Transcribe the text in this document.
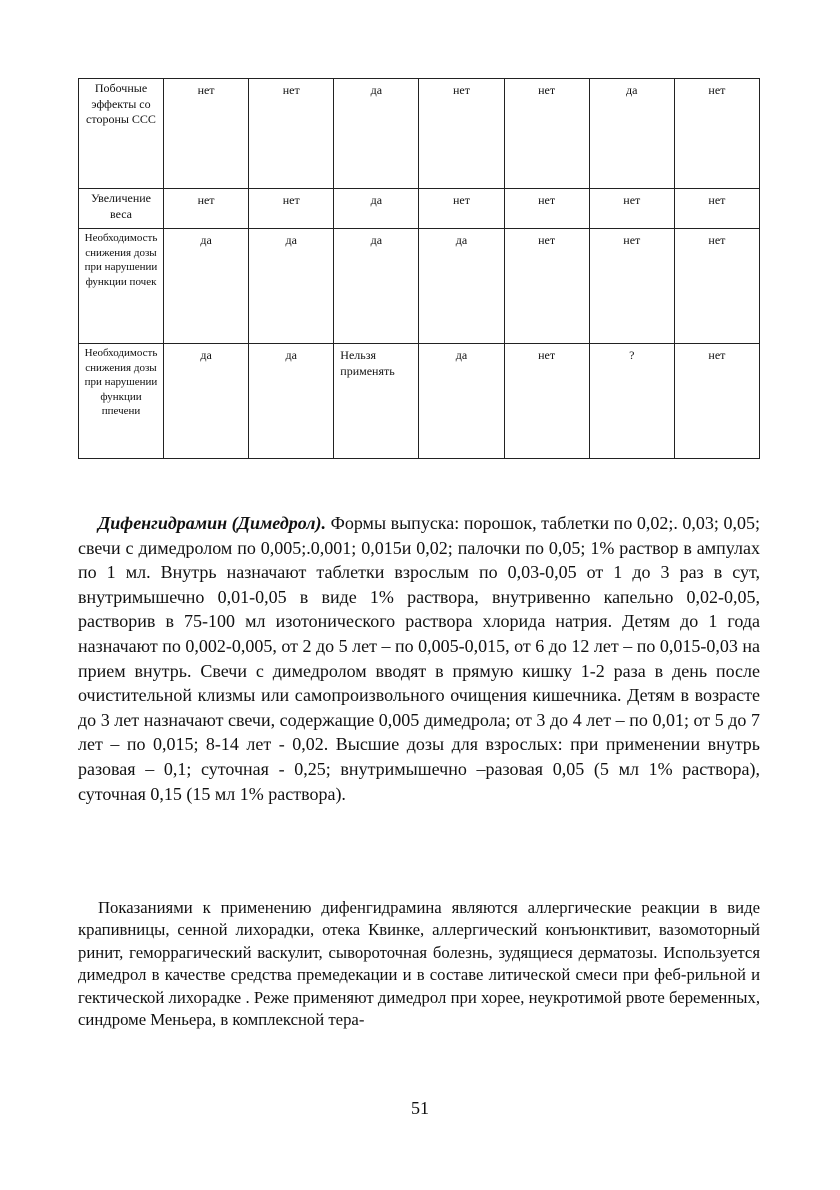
Побочные эффекты со стороны ССС	нет	нет	да	нет	нет	да	нет
Увеличение веса	нет	нет	да	нет	нет	нет	нет
Необходимость снижения дозы при нарушении функции почек	да	да	да	да	нет	нет	нет
Необходимость снижения дозы при нарушении функции ппечени	да	да	Нельзя применять	да	нет	?	нет

Дифенгидрамин (Димедрол). Формы выпуска: порошок, таблетки по 0,02;. 0,03; 0,05; свечи с димедролом по 0,005;.0,001; 0,015и 0,02; палочки по 0,05; 1% раствор в ампулах по 1 мл. Внутрь назначают таблетки взрослым по 0,03-0,05 от 1 до 3 раз в сут, внутримышечно 0,01-0,05 в виде 1% раствора, внутривенно капельно 0,02-0,05, растворив в 75-100 мл изотонического раствора хлорида натрия. Детям до 1 года назначают по 0,002-0,005, от 2 до 5 лет – по 0,005-0,015, от 6 до 12 лет – по 0,015-0,03 на прием внутрь. Свечи с димедролом вводят в прямую кишку 1-2 раза в день после очистительной клизмы или самопроизвольного очищения кишечника. Детям в возрасте до 3 лет назначают свечи, содержащие 0,005 димедрола; от 3 до 4 лет – по 0,01; от 5 до 7 лет – по 0,015; 8-14 лет - 0,02. Высшие дозы для взрослых: при применении внутрь разовая – 0,1; суточная - 0,25; внутримышечно –разовая 0,05 (5 мл 1% раствора), суточная 0,15 (15 мл 1% раствора).

Показаниями к применению дифенгидрамина являются аллергические реакции в виде крапивницы, сенной лихорадки, отека Квинке, аллергический конъюнктивит, вазомоторный ринит, геморрагический васкулит, сывороточная болезнь, зудящиеся дерматозы. Используется димедрол в качестве средства премедекации и в составе литической смеси при феб-рильной и гектической лихорадке . Реже применяют димедрол при хорее, неукротимой рвоте беременных, синдроме Меньера, в комплексной тера-

51
